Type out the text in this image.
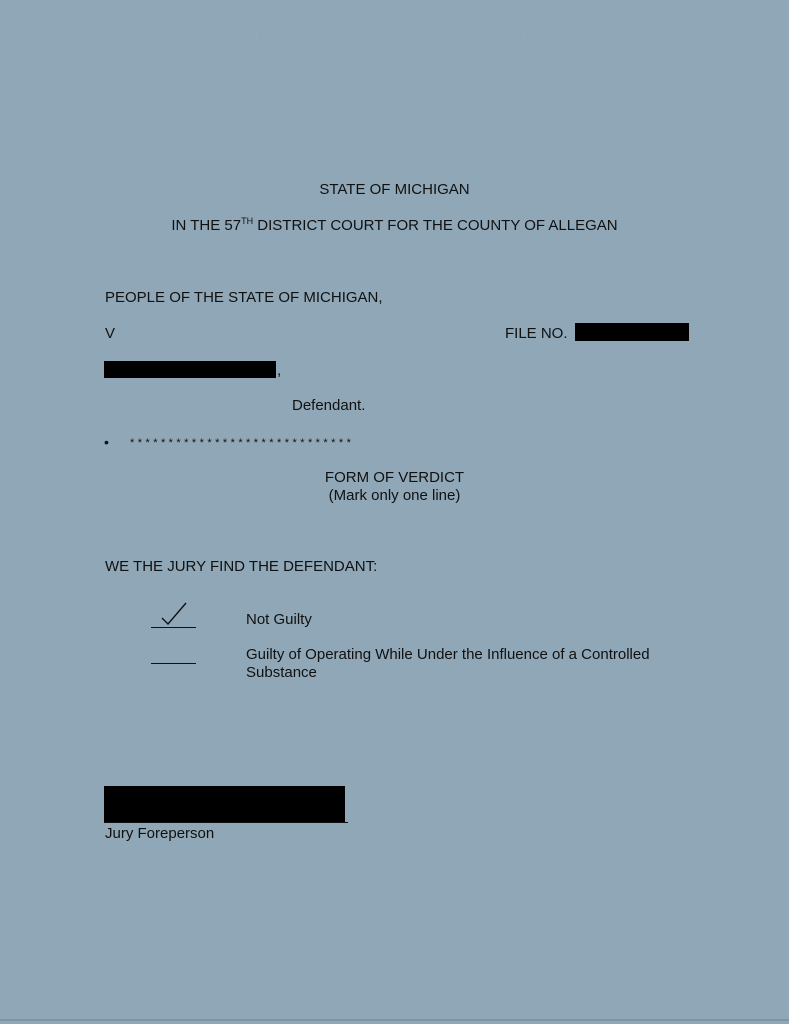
STATE OF MICHIGAN
IN THE 57TH DISTRICT COURT FOR THE COUNTY OF ALLEGAN
PEOPLE OF THE STATE OF MICHIGAN,
V	FILE NO.
,
Defendant.
• * * * * * * * * * * * * * * * * * * * * * * * * * * * * *
FORM OF VERDICT
(Mark only one line)
WE THE JURY FIND THE DEFENDANT:
Not Guilty
Guilty of Operating While Under the Influence of a Controlled
Substance
Jury Foreperson
